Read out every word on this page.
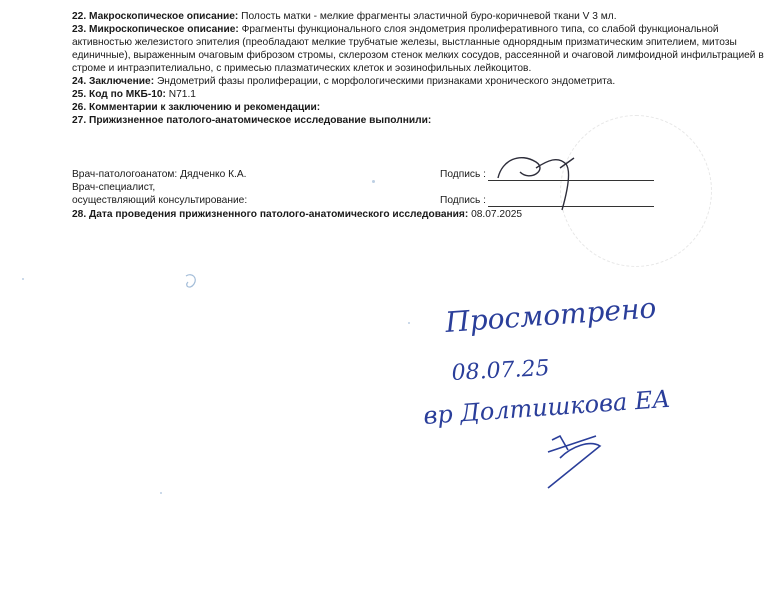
22. Макроскопическое описание: Полость матки - мелкие фрагменты эластичной буро-коричневой ткани V 3 мл.

23. Микроскопическое описание: Фрагменты функционального слоя эндометрия пролиферативного типа, со слабой функциональной активностью железистого эпителия (преобладают мелкие трубчатые железы, выстланные однорядным призматическим эпителием, митозы единичные), выраженным очаговым фиброзом стромы, склерозом стенок мелких сосудов, рассеянной и очаговой лимфоидной инфильтрацией в строме и интраэпителиально, с примесью плазматических клеток и эозинофильных лейкоцитов.

24. Заключение: Эндометрий фазы пролиферации, с морфологическими признаками хронического эндометрита.

25. Код по МКБ-10: N71.1

26. Комментарии к заключению и рекомендации:

27. Прижизненное патолого-анатомическое исследование выполнили:

Врач-патологоанатом: Дядченко К.А.
Врач-специалист,
осуществляющий консультирование:
Подпись :
Подпись :
28. Дата проведения прижизненного патолого-анатомического исследования: 08.07.2025
Просмотрено
08.07.25
вр Долтишкова ЕА
